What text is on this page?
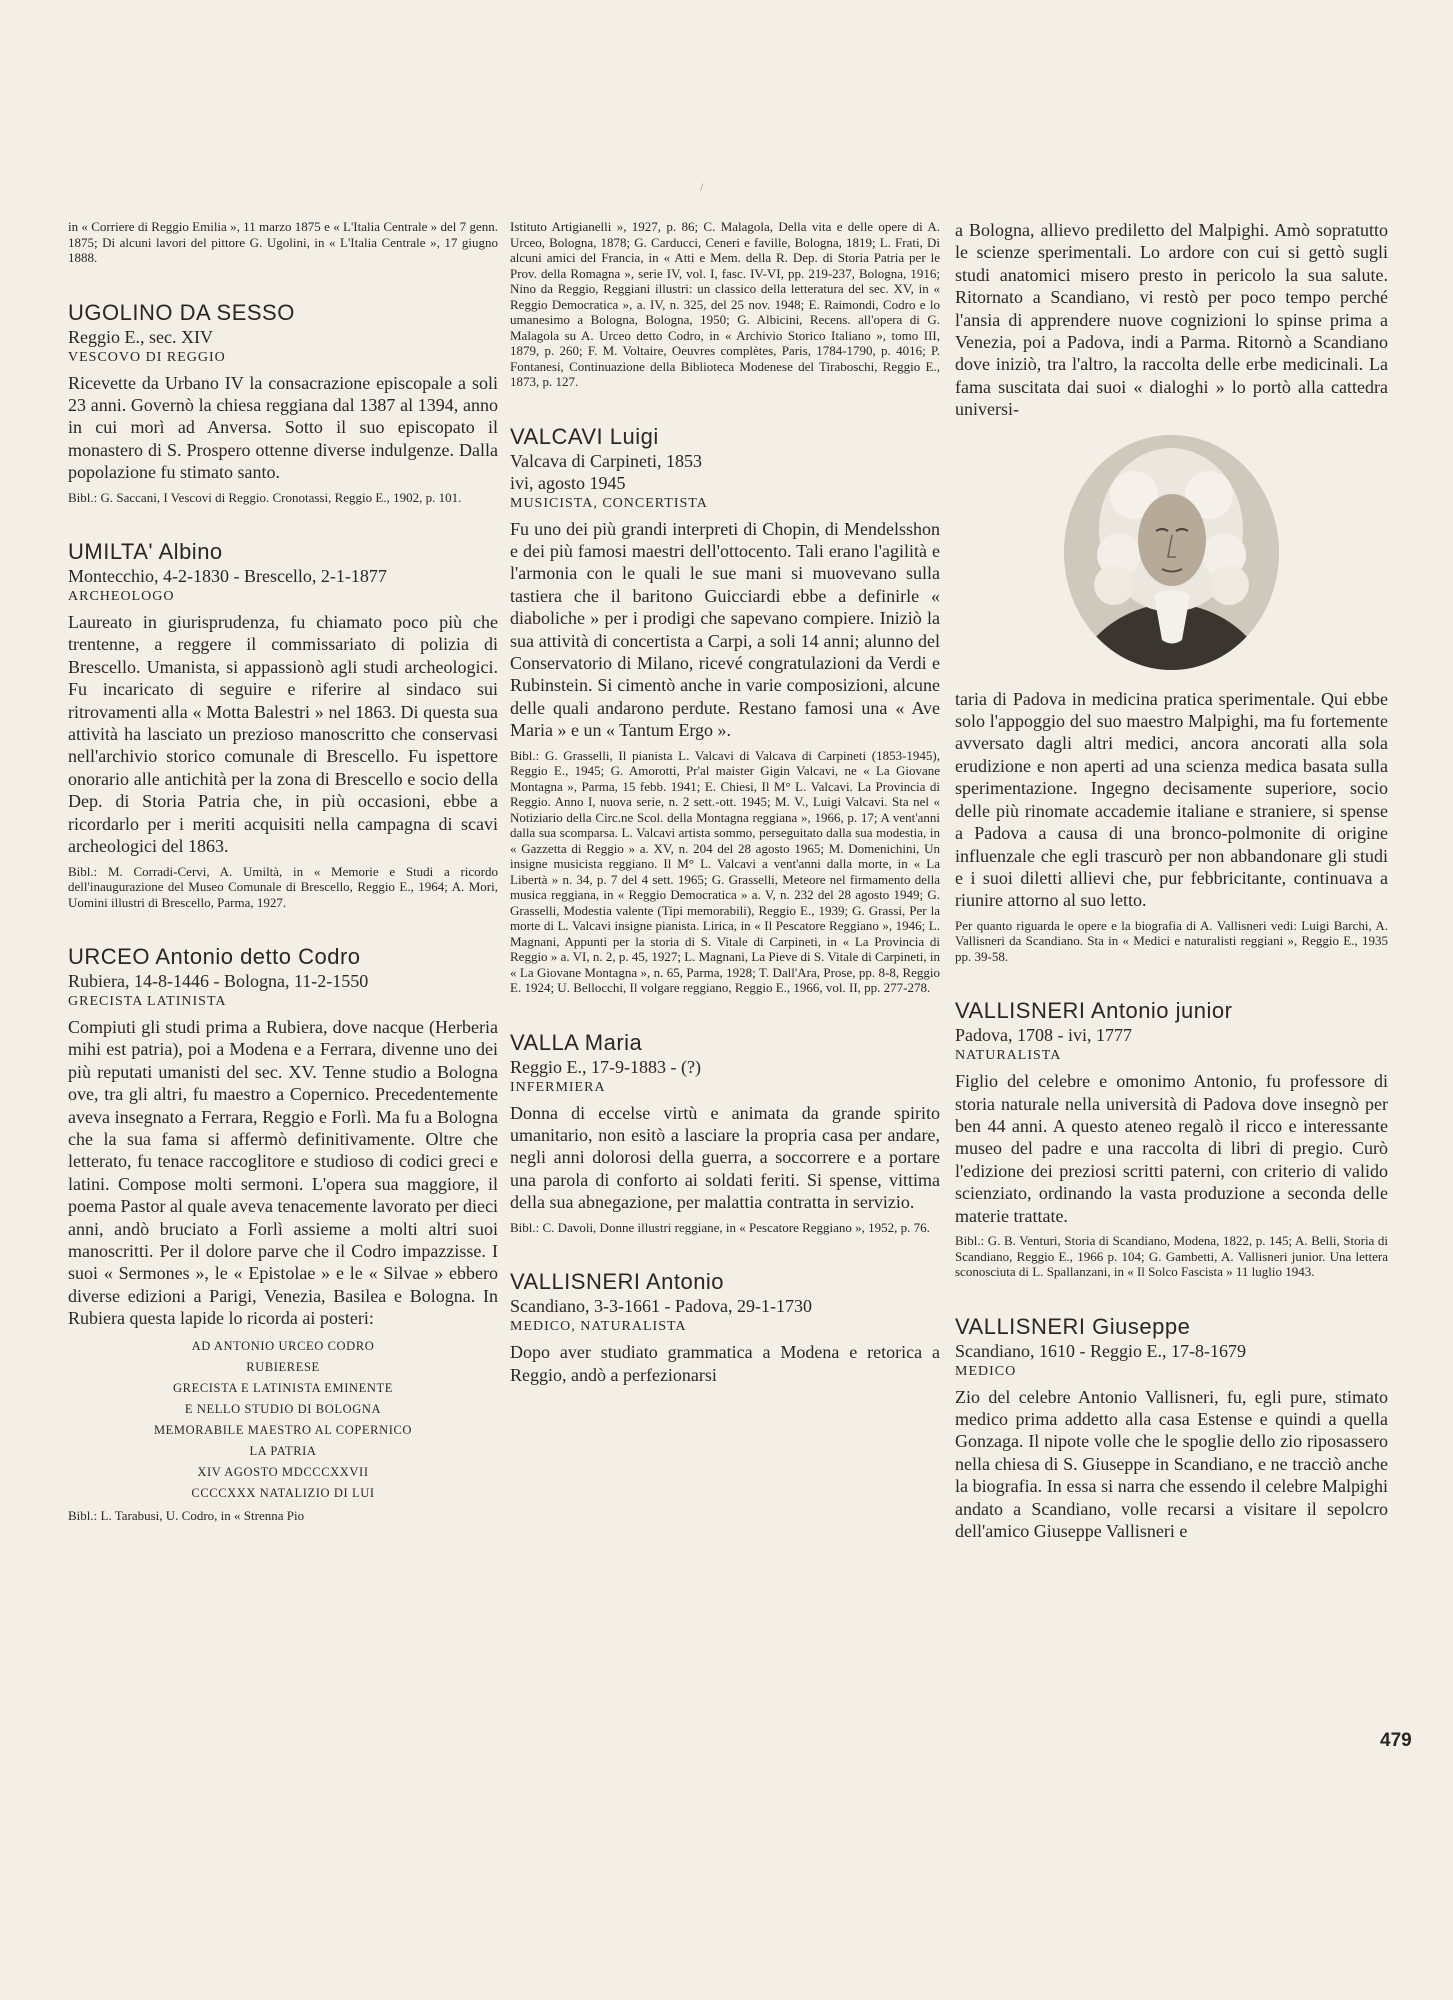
/

in « Corriere di Reggio Emilia », 11 marzo 1875 e « L'Italia Centrale » del 7 genn. 1875; Di alcuni lavori del pittore G. Ugolini, in « L'Italia Centrale », 17 giugno 1888.

UGOLINO DA SESSO
Reggio E., sec. XIV
VESCOVO DI REGGIO

Ricevette da Urbano IV la consacrazione episcopale a soli 23 anni. Governò la chiesa reggiana dal 1387 al 1394, anno in cui morì ad Anversa. Sotto il suo episcopato il monastero di S. Prospero ottenne diverse indulgenze. Dalla popolazione fu stimato santo.

Bibl.: G. Saccani, I Vescovi di Reggio. Cronotassi, Reggio E., 1902, p. 101.

UMILTA' Albino
Montecchio, 4-2-1830 - Brescello, 2-1-1877
ARCHEOLOGO

Laureato in giurisprudenza, fu chiamato poco più che trentenne, a reggere il commissariato di polizia di Brescello. Umanista, si appassionò agli studi archeologici. Fu incaricato di seguire e riferire al sindaco sui ritrovamenti alla « Motta Balestri » nel 1863. Di questa sua attività ha lasciato un prezioso manoscritto che conservasi nell'archivio storico comunale di Brescello. Fu ispettore onorario alle antichità per la zona di Brescello e socio della Dep. di Storia Patria che, in più occasioni, ebbe a ricordarlo per i meriti acquisiti nella campagna di scavi archeologici del 1863.

Bibl.: M. Corradi-Cervi, A. Umiltà, in « Memorie e Studi a ricordo dell'inaugurazione del Museo Comunale di Brescello, Reggio E., 1964; A. Mori, Uomini illustri di Brescello, Parma, 1927.

URCEO Antonio detto Codro
Rubiera, 14-8-1446 - Bologna, 11-2-1550
GRECISTA LATINISTA

Compiuti gli studi prima a Rubiera, dove nacque (Herberia mihi est patria), poi a Modena e a Ferrara, divenne uno dei più reputati umanisti del sec. XV. Tenne studio a Bologna ove, tra gli altri, fu maestro a Copernico. Precedentemente aveva insegnato a Ferrara, Reggio e Forlì. Ma fu a Bologna che la sua fama si affermò definitivamente. Oltre che letterato, fu tenace raccoglitore e studioso di codici greci e latini. Compose molti sermoni. L'opera sua maggiore, il poema Pastor al quale aveva tenacemente lavorato per dieci anni, andò bruciato a Forlì assieme a molti altri suoi manoscritti. Per il dolore parve che il Codro impazzisse. I suoi « Sermones », le « Epistolae » e le « Silvae » ebbero diverse edizioni a Parigi, Venezia, Basilea e Bologna. In Rubiera questa lapide lo ricorda ai posteri:

AD ANTONIO URCEO CODRO
RUBIERESE
GRECISTA E LATINISTA EMINENTE
E NELLO STUDIO DI BOLOGNA
MEMORABILE MAESTRO AL COPERNICO
LA PATRIA
XIV AGOSTO MDCCCXXVII
CCCCXXX NATALIZIO DI LUI

Bibl.: L. Tarabusi, U. Codro, in « Strenna Pio

Istituto Artigianelli », 1927, p. 86; C. Malagola, Della vita e delle opere di A. Urceo, Bologna, 1878; G. Carducci, Ceneri e faville, Bologna, 1819; L. Frati, Di alcuni amici del Francia, in « Atti e Mem. della R. Dep. di Storia Patria per le Prov. della Romagna », serie IV, vol. I, fasc. IV-VI, pp. 219-237, Bologna, 1916; Nino da Reggio, Reggiani illustri: un classico della letteratura del sec. XV, in « Reggio Democratica », a. IV, n. 325, del 25 nov. 1948; E. Raimondi, Codro e lo umanesimo a Bologna, Bologna, 1950; G. Albicini, Recens. all'opera di G. Malagola su A. Urceo detto Codro, in « Archivio Storico Italiano », tomo III, 1879, p. 260; F. M. Voltaire, Oeuvres complètes, Paris, 1784-1790, p. 4016; P. Fontanesi, Continuazione della Biblioteca Modenese del Tiraboschi, Reggio E., 1873, p. 127.

VALCAVI Luigi
Valcava di Carpineti, 1853
ivi, agosto 1945
MUSICISTA, CONCERTISTA

Fu uno dei più grandi interpreti di Chopin, di Mendelsshon e dei più famosi maestri dell'ottocento. Tali erano l'agilità e l'armonia con le quali le sue mani si muovevano sulla tastiera che il baritono Guicciardi ebbe a definirle « diaboliche » per i prodigi che sapevano compiere. Iniziò la sua attività di concertista a Carpi, a soli 14 anni; alunno del Conservatorio di Milano, ricevé congratulazioni da Verdi e Rubinstein. Si cimentò anche in varie composizioni, alcune delle quali andarono perdute. Restano famosi una « Ave Maria » e un « Tantum Ergo ».

Bibl.: G. Grasselli, Il pianista L. Valcavi di Valcava di Carpineti (1853-1945), Reggio E., 1945; G. Amorotti, Pr'al maister Gigin Valcavi, ne « La Giovane Montagna », Parma, 15 febb. 1941; E. Chiesi, Il M° L. Valcavi. La Provincia di Reggio. Anno I, nuova serie, n. 2 sett.-ott. 1945; M. V., Luigi Valcavi. Sta nel « Notiziario della Circ.ne Scol. della Montagna reggiana », 1966, p. 17; A vent'anni dalla sua scomparsa. L. Valcavi artista sommo, perseguitato dalla sua modestia, in « Gazzetta di Reggio » a. XV, n. 204 del 28 agosto 1965; M. Domenichini, Un insigne musicista reggiano. Il M° L. Valcavi a vent'anni dalla morte, in « La Libertà » n. 34, p. 7 del 4 sett. 1965; G. Grasselli, Meteore nel firmamento della musica reggiana, in « Reggio Democratica » a. V, n. 232 del 28 agosto 1949; G. Grasselli, Modestia valente (Tipi memorabili), Reggio E., 1939; G. Grassi, Per la morte di L. Valcavi insigne pianista. Lirica, in « Il Pescatore Reggiano », 1946; L. Magnani, Appunti per la storia di S. Vitale di Carpineti, in « La Provincia di Reggio » a. VI, n. 2, p. 45, 1927; L. Magnani, La Pieve di S. Vitale di Carpineti, in « La Giovane Montagna », n. 65, Parma, 1928; T. Dall'Ara, Prose, pp. 8-8, Reggio E. 1924; U. Bellocchi, Il volgare reggiano, Reggio E., 1966, vol. II, pp. 277-278.

VALLA Maria
Reggio E., 17-9-1883 - (?)
INFERMIERA

Donna di eccelse virtù e animata da grande spirito umanitario, non esitò a lasciare la propria casa per andare, negli anni dolorosi della guerra, a soccorrere e a portare una parola di conforto ai soldati feriti. Si spense, vittima della sua abnegazione, per malattia contratta in servizio.

Bibl.: C. Davoli, Donne illustri reggiane, in « Pescatore Reggiano », 1952, p. 76.

VALLISNERI Antonio
Scandiano, 3-3-1661 - Padova, 29-1-1730
MEDICO, NATURALISTA

Dopo aver studiato grammatica a Modena e retorica a Reggio, andò a perfezionarsi

a Bologna, allievo prediletto del Malpighi. Amò sopratutto le scienze sperimentali. Lo ardore con cui si gettò sugli studi anatomici misero presto in pericolo la sua salute. Ritornato a Scandiano, vi restò per poco tempo perché l'ansia di apprendere nuove cognizioni lo spinse prima a Venezia, poi a Padova, indi a Parma. Ritornò a Scandiano dove iniziò, tra l'altro, la raccolta delle erbe medicinali. La fama suscitata dai suoi « dialoghi » lo portò alla cattedra universi-

taria di Padova in medicina pratica sperimentale. Qui ebbe solo l'appoggio del suo maestro Malpighi, ma fu fortemente avversato dagli altri medici, ancora ancorati alla sola erudizione e non aperti ad una scienza medica basata sulla sperimentazione. Ingegno decisamente superiore, socio delle più rinomate accademie italiane e straniere, si spense a Padova a causa di una bronco-polmonite di origine influenzale che egli trascurò per non abbandonare gli studi e i suoi diletti allievi che, pur febbricitante, continuava a riunire attorno al suo letto.

Per quanto riguarda le opere e la biografia di A. Vallisneri vedi: Luigi Barchi, A. Vallisneri da Scandiano. Sta in « Medici e naturalisti reggiani », Reggio E., 1935 pp. 39-58.

VALLISNERI Antonio junior
Padova, 1708 - ivi, 1777
NATURALISTA

Figlio del celebre e omonimo Antonio, fu professore di storia naturale nella università di Padova dove insegnò per ben 44 anni. A questo ateneo regalò il ricco e interessante museo del padre e una raccolta di libri di pregio. Curò l'edizione dei preziosi scritti paterni, con criterio di valido scienziato, ordinando la vasta produzione a seconda delle materie trattate.

Bibl.: G. B. Venturi, Storia di Scandiano, Modena, 1822, p. 145; A. Belli, Storia di Scandiano, Reggio E., 1966 p. 104; G. Gambetti, A. Vallisneri junior. Una lettera sconosciuta di L. Spallanzani, in « Il Solco Fascista » 11 luglio 1943.

VALLISNERI Giuseppe
Scandiano, 1610 - Reggio E., 17-8-1679
MEDICO

Zio del celebre Antonio Vallisneri, fu, egli pure, stimato medico prima addetto alla casa Estense e quindi a quella Gonzaga. Il nipote volle che le spoglie dello zio riposassero nella chiesa di S. Giuseppe in Scandiano, e ne tracciò anche la biografia. In essa si narra che essendo il celebre Malpighi andato a Scandiano, volle recarsi a visitare il sepolcro dell'amico Giuseppe Vallisneri e

479
